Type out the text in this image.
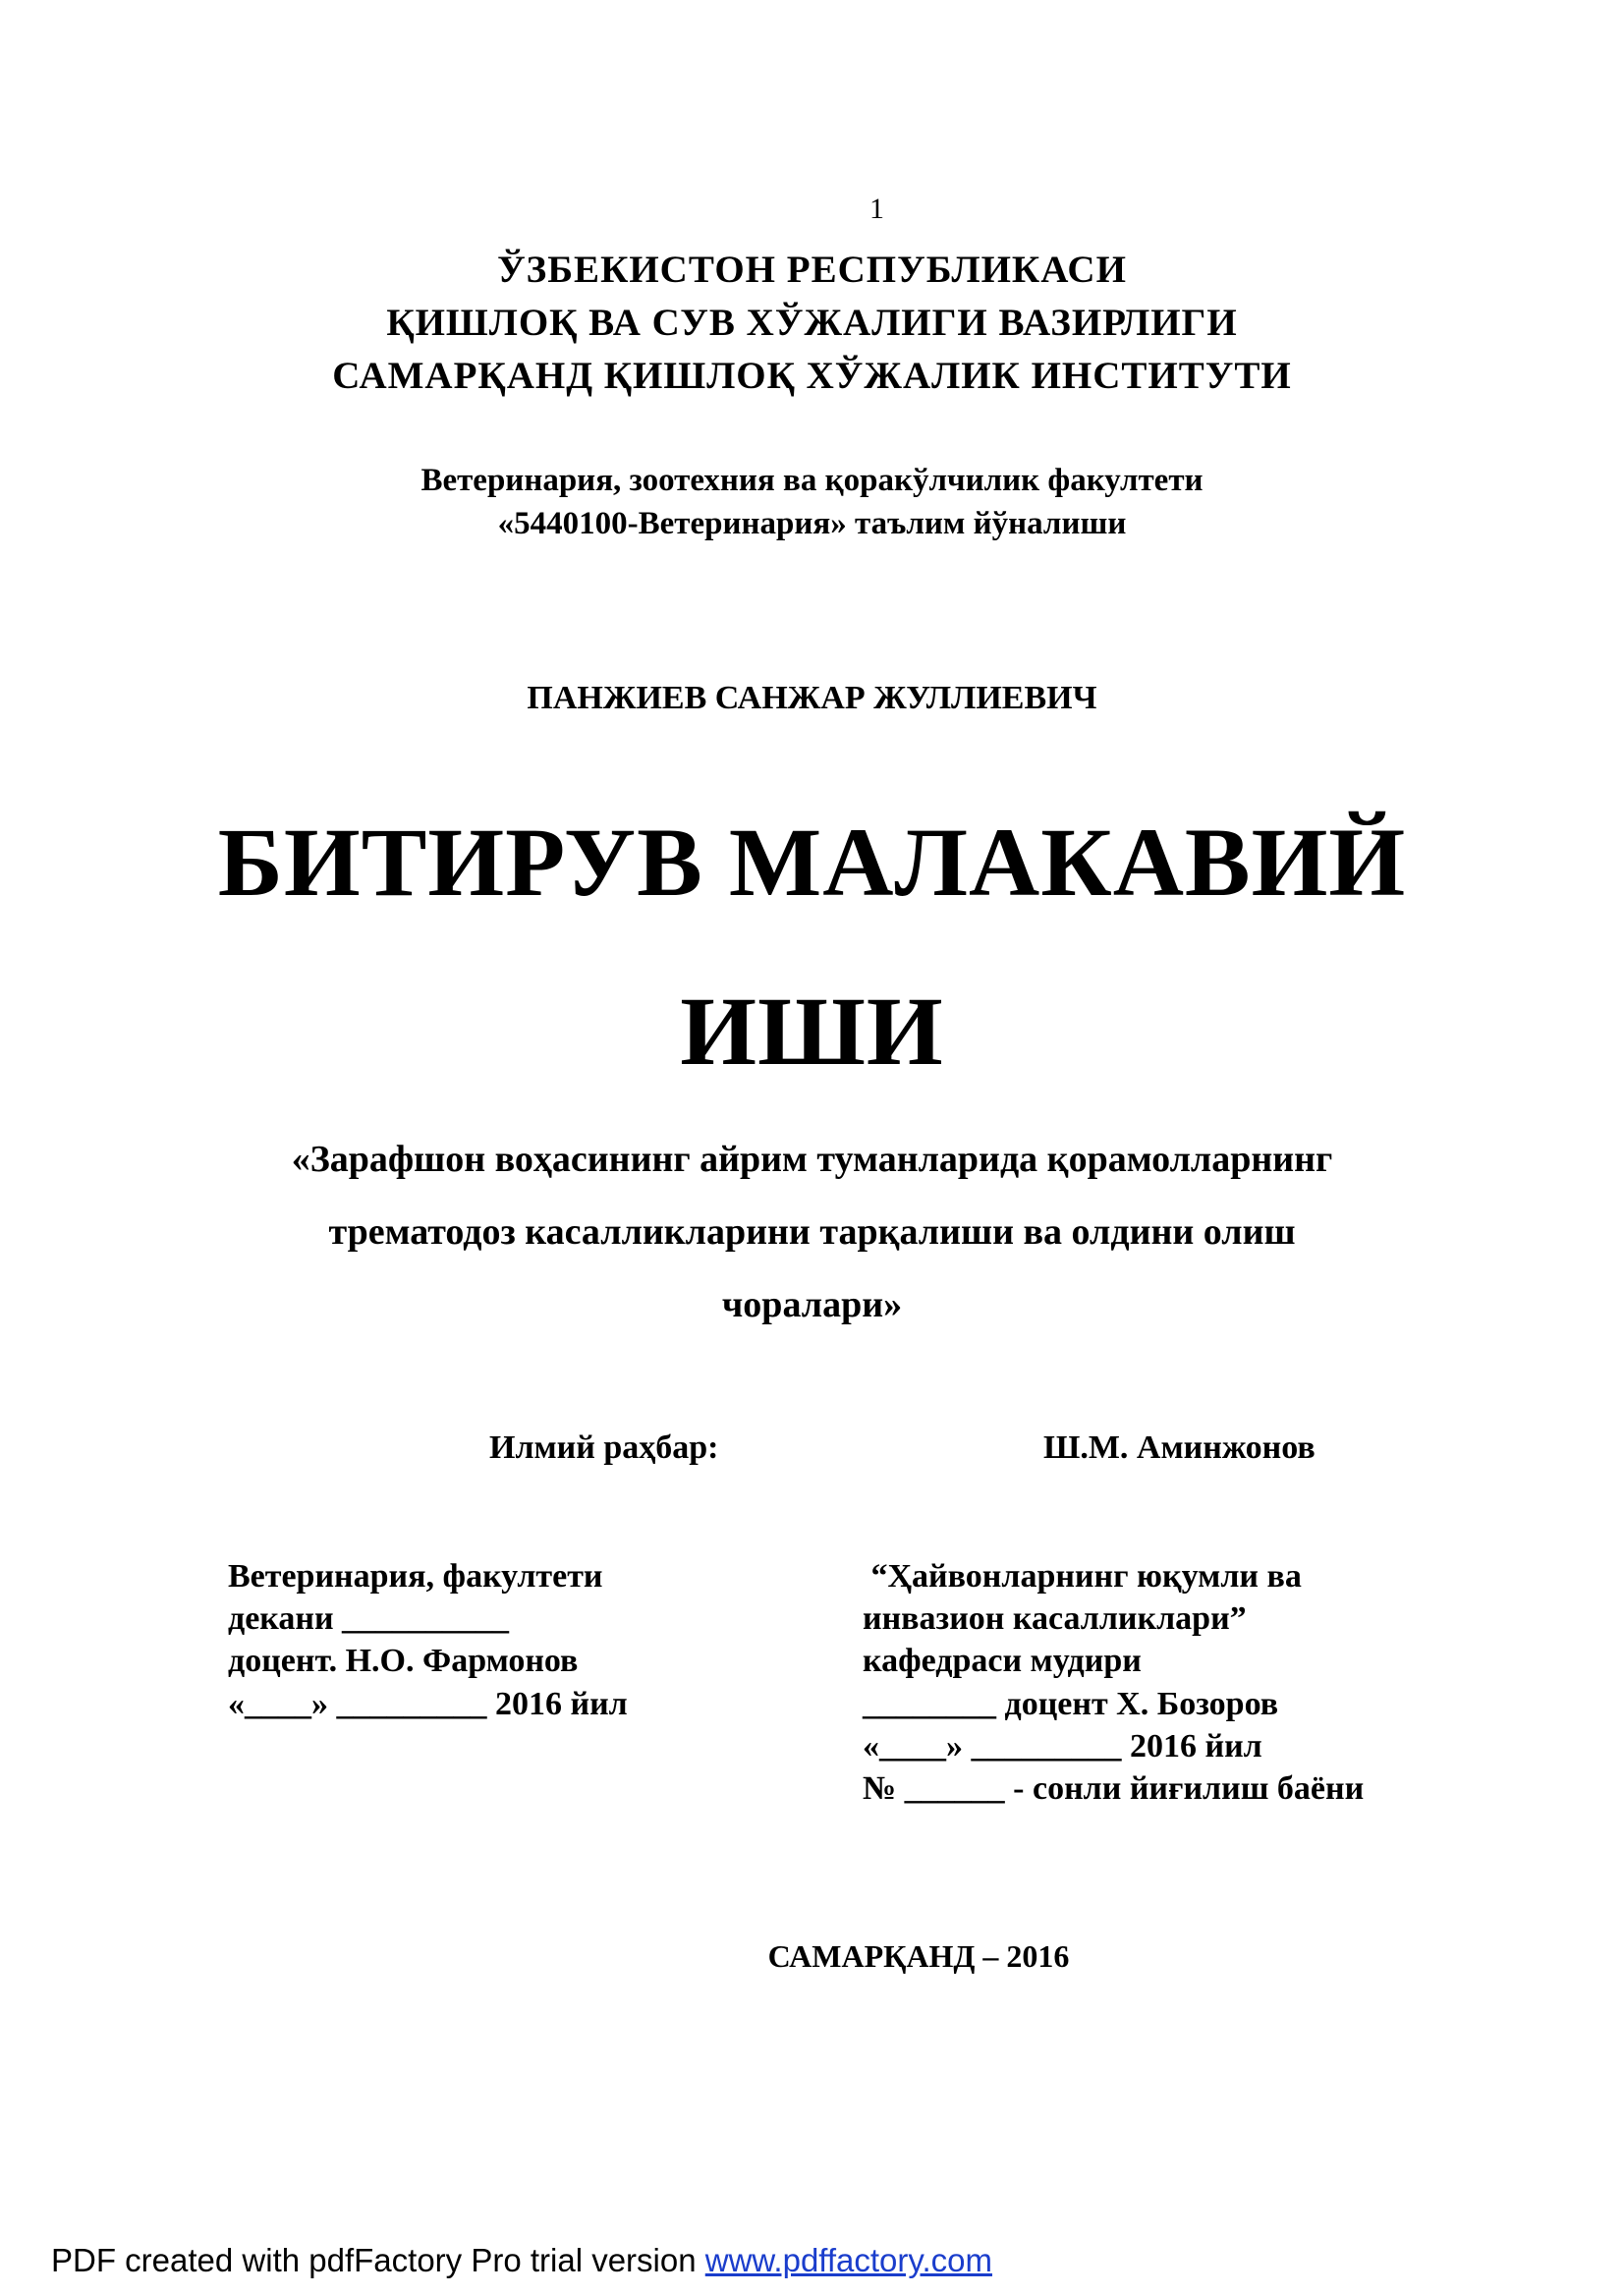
1
ЎЗБЕКИСТОН РЕСПУБЛИКАСИ
ҚИШЛОҚ ВА СУВ ХЎЖАЛИГИ ВАЗИРЛИГИ
САМАРҚАНД ҚИШЛОҚ ХЎЖАЛИК ИНСТИТУТИ
Ветеринария, зоотехния ва қоракўлчилик факултети
«5440100-Ветеринария» таълим йўналиши
ПАНЖИЕВ САНЖАР ЖУЛЛИЕВИЧ
БИТИРУВ МАЛАКАВИЙ
ИШИ
«Зарафшон воҳасининг айрим туманларида қорамолларнинг
трематодоз касалликларини тарқалиши ва олдини олиш
чоралари»
Илмий раҳбар:	Ш.М. Аминжонов
Ветеринария, факултети
декани __________
доцент. Н.О. Фармонов
«____» _________ 2016 йил
“Ҳайвонларнинг юқумли ва
инвазион касалликлари”
кафедраси мудири
________ доцент Х. Бозоров
«____» _________ 2016 йил
№ ______ - сонли йиғилиш баёни
САМАРҚАНД – 2016
PDF created with pdfFactory Pro trial version www.pdffactory.com
